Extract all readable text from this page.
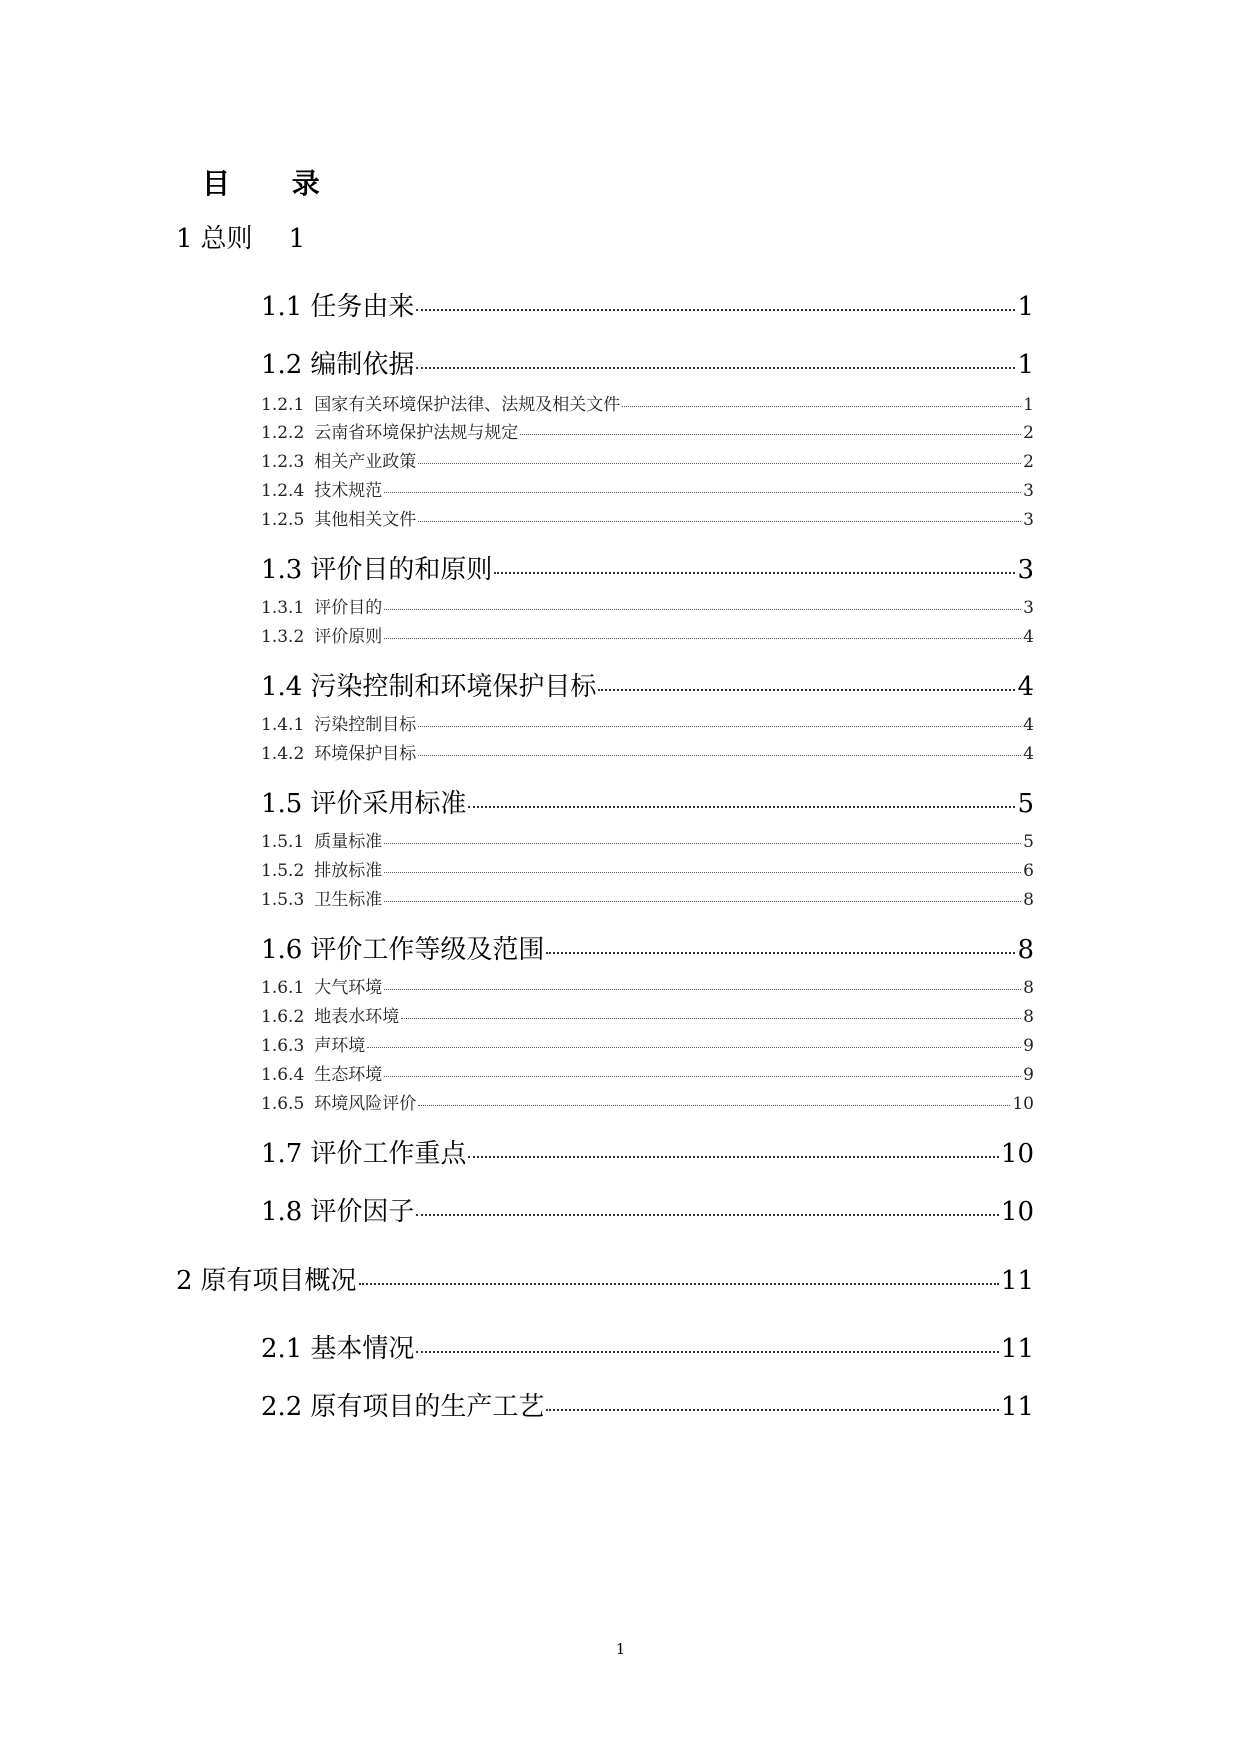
目 录
1 总则 1
1.1 任务由来	1
1.2 编制依据	1
1.2.1 国家有关环境保护法律、法规及相关文件	1
1.2.2 云南省环境保护法规与规定	2
1.2.3 相关产业政策	2
1.2.4 技术规范	3
1.2.5 其他相关文件	3
1.3 评价目的和原则	3
1.3.1 评价目的	3
1.3.2 评价原则	4
1.4 污染控制和环境保护目标	4
1.4.1 污染控制目标	4
1.4.2 环境保护目标	4
1.5 评价采用标准	5
1.5.1 质量标准	5
1.5.2 排放标准	6
1.5.3 卫生标准	8
1.6 评价工作等级及范围	8
1.6.1 大气环境	8
1.6.2 地表水环境	8
1.6.3 声环境	9
1.6.4 生态环境	9
1.6.5 环境风险评价	10
1.7 评价工作重点	10
1.8 评价因子	10
2 原有项目概况	11
2.1 基本情况	11
2.2 原有项目的生产工艺	11
1
